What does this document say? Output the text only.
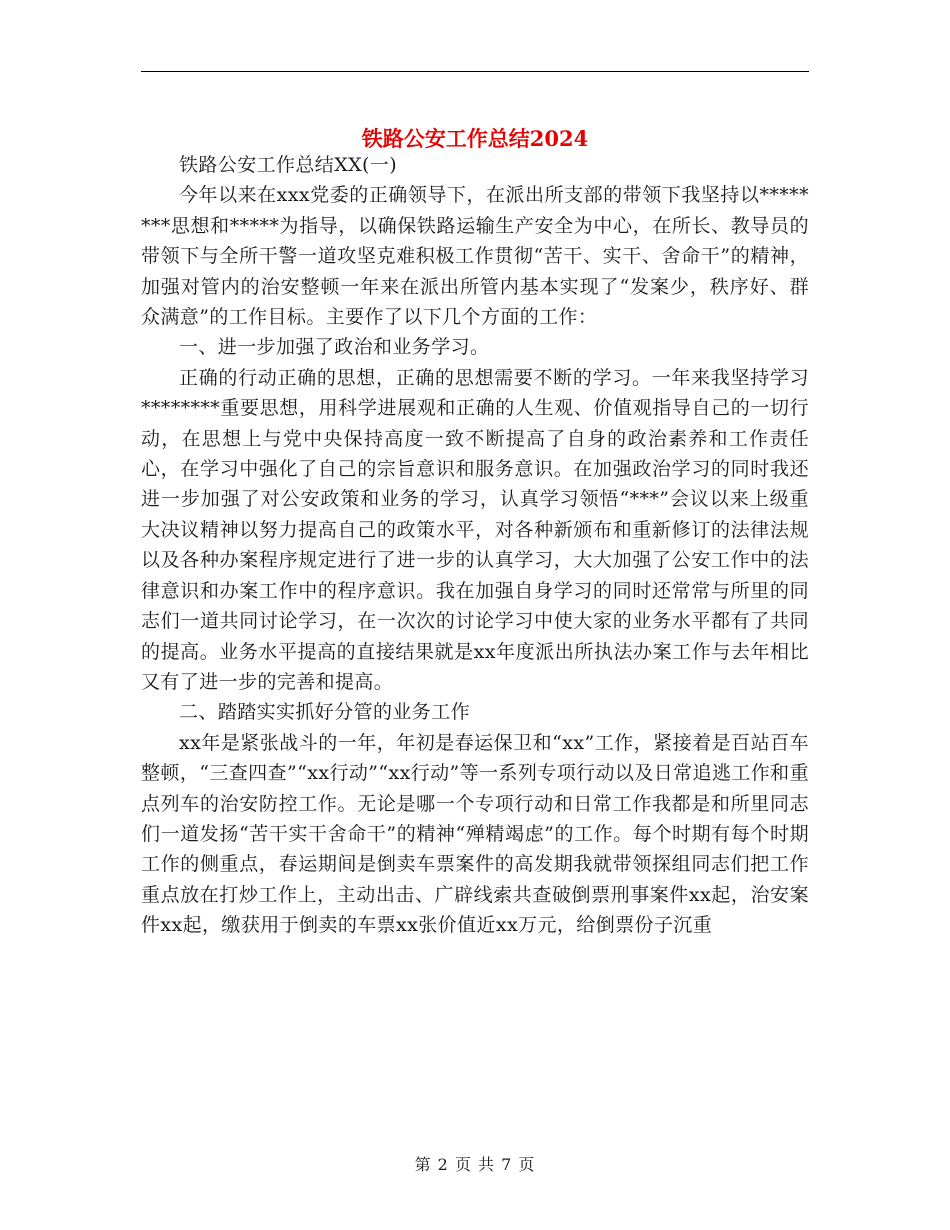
铁路公安工作总结2024

铁路公安工作总结XX(一)

今年以来在xxx党委的正确领导下，在派出所支部的带领下我坚持以********思想和*****为指导，以确保铁路运输生产安全为中心，在所长、教导员的带领下与全所干警一道攻坚克难积极工作贯彻“苦干、实干、舍命干”的精神，加强对管内的治安整顿一年来在派出所管内基本实现了“发案少，秩序好、群众满意”的工作目标。主要作了以下几个方面的工作：

一、进一步加强了政治和业务学习。

正确的行动正确的思想，正确的思想需要不断的学习。一年来我坚持学习********重要思想，用科学进展观和正确的人生观、价值观指导自己的一切行动，在思想上与党中央保持高度一致不断提高了自身的政治素养和工作责任心，在学习中强化了自己的宗旨意识和服务意识。在加强政治学习的同时我还进一步加强了对公安政策和业务的学习，认真学习领悟“***”会议以来上级重大决议精神以努力提高自己的政策水平，对各种新颁布和重新修订的法律法规以及各种办案程序规定进行了进一步的认真学习，大大加强了公安工作中的法律意识和办案工作中的程序意识。我在加强自身学习的同时还常常与所里的同志们一道共同讨论学习，在一次次的讨论学习中使大家的业务水平都有了共同的提高。业务水平提高的直接结果就是xx年度派出所执法办案工作与去年相比又有了进一步的完善和提高。

二、踏踏实实抓好分管的业务工作

xx年是紧张战斗的一年，年初是春运保卫和“xx”工作，紧接着是百站百车整顿，“三查四查”“xx行动”“xx行动”等一系列专项行动以及日常追逃工作和重点列车的治安防控工作。无论是哪一个专项行动和日常工作我都是和所里同志们一道发扬“苦干实干舍命干”的精神“殚精竭虑”的工作。每个时期有每个时期工作的侧重点，春运期间是倒卖车票案件的高发期我就带领探组同志们把工作重点放在打炒工作上，主动出击、广辟线索共查破倒票刑事案件xx起，治安案件xx起，缴获用于倒卖的车票xx张价值近xx万元，给倒票份子沉重

第 2 页 共 7 页
